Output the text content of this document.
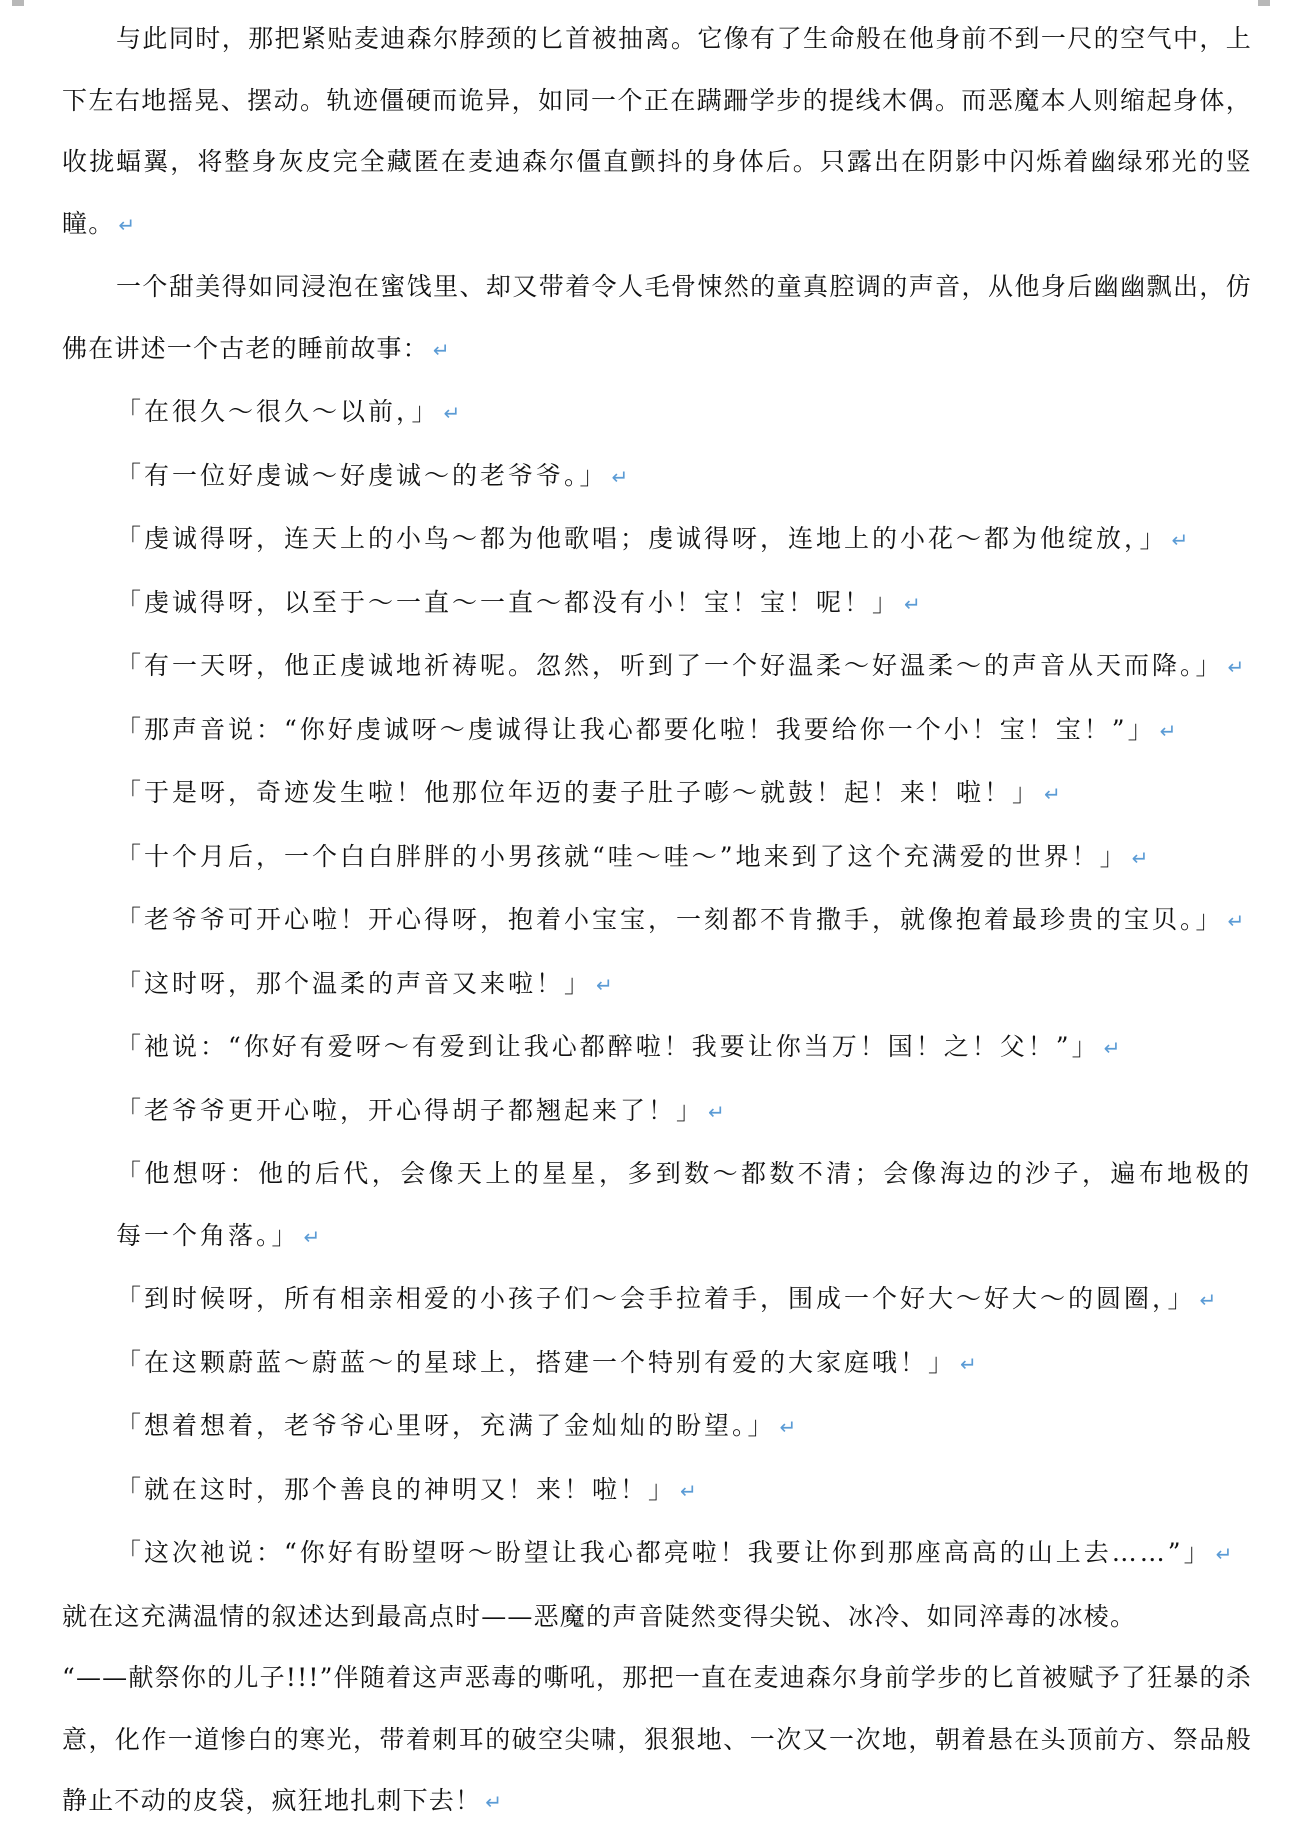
与此同时，那把紧贴麦迪森尔脖颈的匕首被抽离。它像有了生命般在他身前不到一尺的空气中，上下左右地摇晃、摆动。轨迹僵硬而诡异，如同一个正在蹒跚学步的提线木偶。而恶魔本人则缩起身体，收拢蝠翼，将整身灰皮完全藏匿在麦迪森尔僵直颤抖的身体后。只露出在阴影中闪烁着幽绿邪光的竖瞳。 ↵

一个甜美得如同浸泡在蜜饯里、却又带着令人毛骨悚然的童真腔调的声音，从他身后幽幽飘出，仿佛在讲述一个古老的睡前故事： ↵

「在很久～很久～以前，」 ↵

「有一位好虔诚～好虔诚～的老爷爷。」 ↵

「虔诚得呀，连天上的小鸟～都为他歌唱；虔诚得呀，连地上的小花～都为他绽放，」 ↵

「虔诚得呀，以至于～一直～一直～都没有小！宝！宝！呢！」 ↵

「有一天呀，他正虔诚地祈祷呢。忽然，听到了一个好温柔～好温柔～的声音从天而降。」 ↵

「那声音说：“你好虔诚呀～虔诚得让我心都要化啦！我要给你一个小！宝！宝！”」 ↵

「于是呀，奇迹发生啦！他那位年迈的妻子肚子嘭～就鼓！起！来！啦！」 ↵

「十个月后，一个白白胖胖的小男孩就“哇～哇～”地来到了这个充满爱的世界！」 ↵

「老爷爷可开心啦！开心得呀，抱着小宝宝，一刻都不肯撒手，就像抱着最珍贵的宝贝。」 ↵

「这时呀，那个温柔的声音又来啦！」 ↵

「祂说：“你好有爱呀～有爱到让我心都醉啦！我要让你当万！国！之！父！”」 ↵

「老爷爷更开心啦，开心得胡子都翘起来了！」 ↵

「他想呀：他的后代，会像天上的星星，多到数～都数不清；会像海边的沙子，遍布地极的每一个角落。」 ↵

「到时候呀，所有相亲相爱的小孩子们～会手拉着手，围成一个好大～好大～的圆圈，」 ↵

「在这颗蔚蓝～蔚蓝～的星球上，搭建一个特别有爱的大家庭哦！」 ↵

「想着想着，老爷爷心里呀，充满了金灿灿的盼望。」 ↵

「就在这时，那个善良的神明又！来！啦！」 ↵

「这次祂说：“你好有盼望呀～盼望让我心都亮啦！我要让你到那座高高的山上去……”」 ↵

就在这充满温情的叙述达到最高点时——恶魔的声音陡然变得尖锐、冰冷、如同淬毒的冰棱。
“——献祭你的儿子!!!”伴随着这声恶毒的嘶吼，那把一直在麦迪森尔身前学步的匕首被赋予了狂暴的杀意，化作一道惨白的寒光，带着刺耳的破空尖啸，狠狠地、一次又一次地，朝着悬在头顶前方、祭品般静止不动的皮袋，疯狂地扎刺下去！ ↵
